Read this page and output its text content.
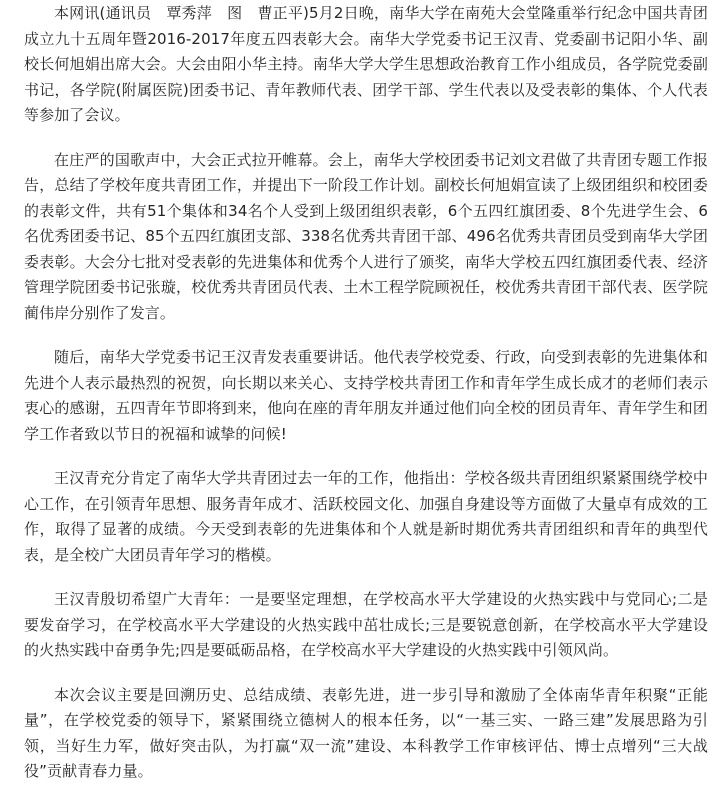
本网讯(通讯员　覃秀萍　图　曹正平)5月2日晚，南华大学在南苑大会堂隆重举行纪念中国共青团成立九十五周年暨2016-2017年度五四表彰大会。南华大学党委书记王汉青、党委副书记阳小华、副校长何旭娟出席大会。大会由阳小华主持。南华大学大学生思想政治教育工作小组成员，各学院党委副书记，各学院(附属医院)团委书记、青年教师代表、团学干部、学生代表以及受表彰的集体、个人代表等参加了会议。

在庄严的国歌声中，大会正式拉开帷幕。会上，南华大学校团委书记刘文君做了共青团专题工作报告，总结了学校年度共青团工作，并提出下一阶段工作计划。副校长何旭娟宣读了上级团组织和校团委的表彰文件，共有51个集体和34名个人受到上级团组织表彰，6个五四红旗团委、8个先进学生会、6名优秀团委书记、85个五四红旗团支部、338名优秀共青团干部、496名优秀共青团员受到南华大学团委表彰。大会分七批对受表彰的先进集体和优秀个人进行了颁奖，南华大学校五四红旗团委代表、经济管理学院团委书记张璇，校优秀共青团员代表、土木工程学院顾祝任，校优秀共青团干部代表、医学院蔺伟岸分别作了发言。

随后，南华大学党委书记王汉青发表重要讲话。他代表学校党委、行政，向受到表彰的先进集体和先进个人表示最热烈的祝贺，向长期以来关心、支持学校共青团工作和青年学生成长成才的老师们表示衷心的感谢，五四青年节即将到来，他向在座的青年朋友并通过他们向全校的团员青年、青年学生和团学工作者致以节日的祝福和诚挚的问候!

王汉青充分肯定了南华大学共青团过去一年的工作，他指出：学校各级共青团组织紧紧围绕学校中心工作，在引领青年思想、服务青年成才、活跃校园文化、加强自身建设等方面做了大量卓有成效的工作，取得了显著的成绩。今天受到表彰的先进集体和个人就是新时期优秀共青团组织和青年的典型代表，是全校广大团员青年学习的楷模。

王汉青殷切希望广大青年：一是要坚定理想，在学校高水平大学建设的火热实践中与党同心;二是要发奋学习，在学校高水平大学建设的火热实践中茁壮成长;三是要锐意创新，在学校高水平大学建设的火热实践中奋勇争先;四是要砥砺品格，在学校高水平大学建设的火热实践中引领风尚。

本次会议主要是回溯历史、总结成绩、表彰先进，进一步引导和激励了全体南华青年积聚“正能量”，在学校党委的领导下，紧紧围绕立德树人的根本任务，以“一基三实、一路三建”发展思路为引领，当好生力军，做好突击队，为打赢“双一流”建设、本科教学工作审核评估、博士点增列“三大战役”贡献青春力量。
